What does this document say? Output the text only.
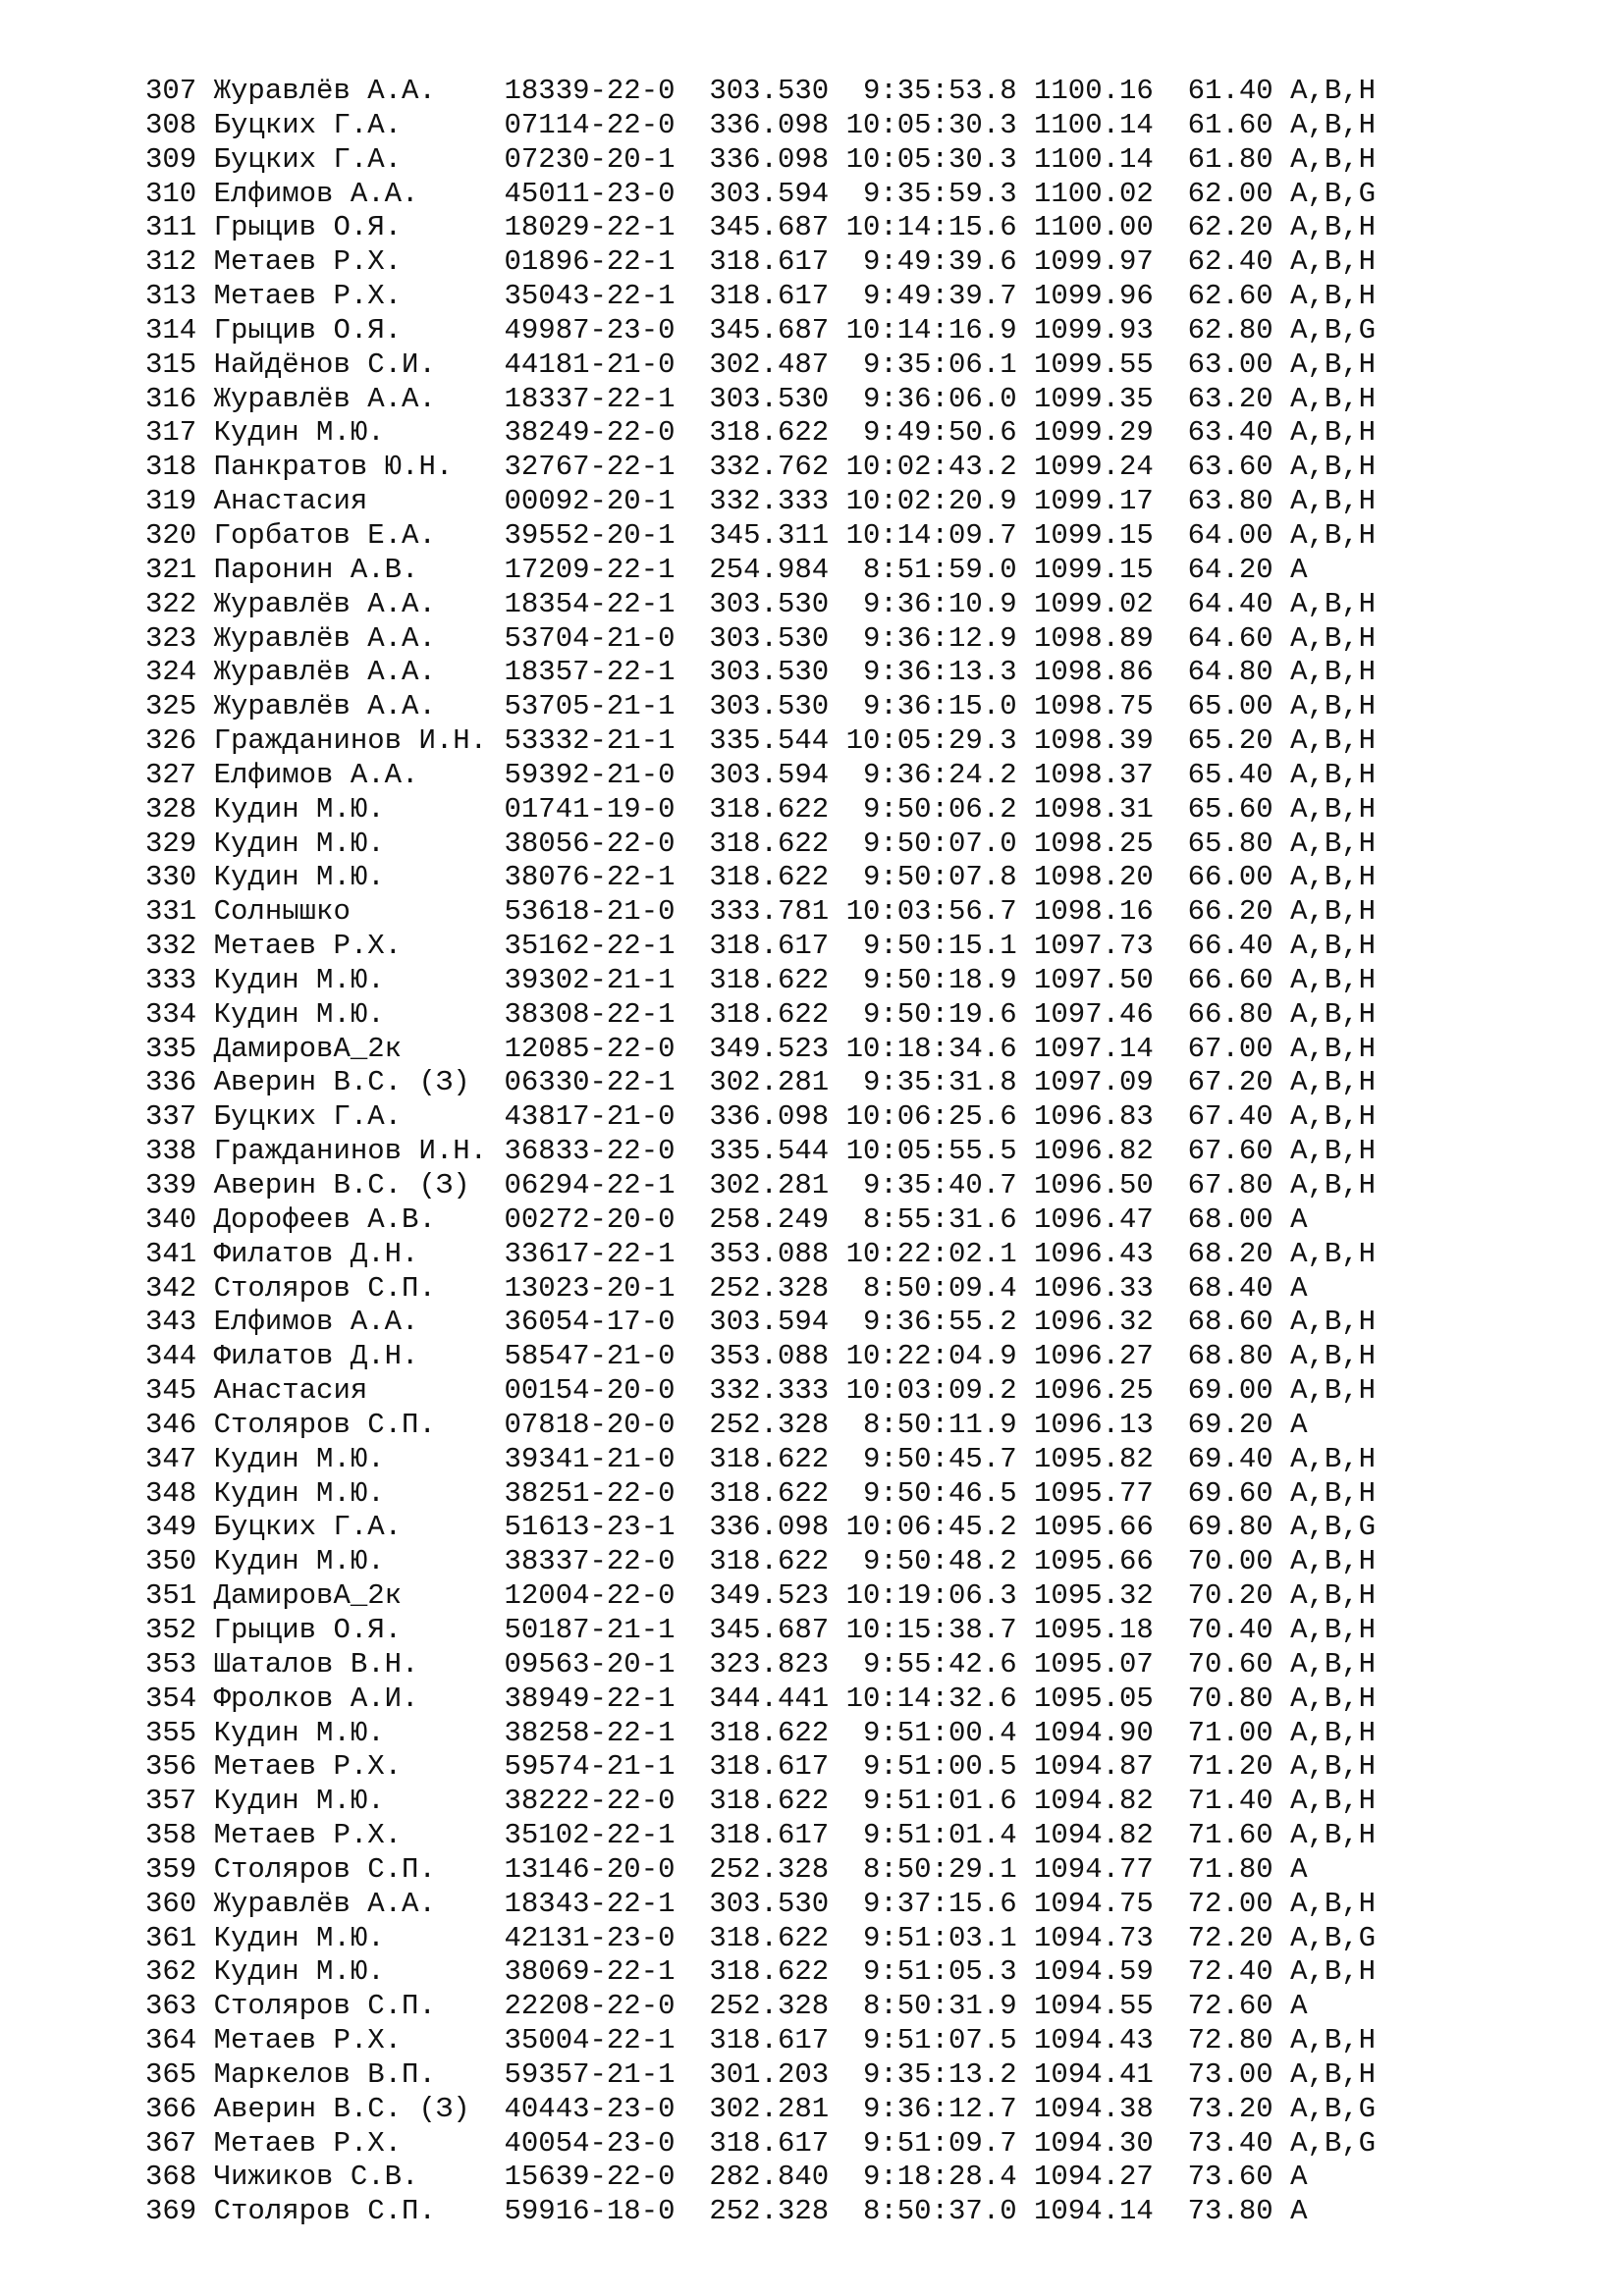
307 Журавлёв А.А.    18339-22-0 303.530  9:35:53.8 1100.16 61.40 A,B,H
308 Буцких Г.А.      07114-22-0 336.098 10:05:30.3 1100.14 61.60 A,B,H
309 Буцких Г.А.      07230-20-1 336.098 10:05:30.3 1100.14 61.80 A,B,H
310 Елфимов А.А.     45011-23-0 303.594  9:35:59.3 1100.02 62.00 A,B,G
311 Грыцив О.Я.      18029-22-1 345.687 10:14:15.6 1100.00 62.20 A,B,H
312 Метаев Р.Х.      01896-22-1 318.617  9:49:39.6 1099.97 62.40 A,B,H
313 Метаев Р.Х.      35043-22-1 318.617  9:49:39.7 1099.96 62.60 A,B,H
314 Грыцив О.Я.      49987-23-0 345.687 10:14:16.9 1099.93 62.80 A,B,G
315 Найдёнов С.И.    44181-21-0 302.487  9:35:06.1 1099.55 63.00 A,B,H
316 Журавлёв А.А.    18337-22-1 303.530  9:36:06.0 1099.35 63.20 A,B,H
317 Кудин М.Ю.       38249-22-0 318.622  9:49:50.6 1099.29 63.40 A,B,H
318 Панкратов Ю.Н.   32767-22-1 332.762 10:02:43.2 1099.24 63.60 A,B,H
319 Анастасия        00092-20-1 332.333 10:02:20.9 1099.17 63.80 A,B,H
320 Горбатов Е.А.    39552-20-1 345.311 10:14:09.7 1099.15 64.00 A,B,H
321 Паронин А.В.     17209-22-1 254.984  8:51:59.0 1099.15 64.20 A
322 Журавлёв А.А.    18354-22-1 303.530  9:36:10.9 1099.02 64.40 A,B,H
323 Журавлёв А.А.    53704-21-0 303.530  9:36:12.9 1098.89 64.60 A,B,H
324 Журавлёв А.А.    18357-22-1 303.530  9:36:13.3 1098.86 64.80 A,B,H
325 Журавлёв А.А.    53705-21-1 303.530  9:36:15.0 1098.75 65.00 A,B,H
326 Гражданинов И.Н. 53332-21-1 335.544 10:05:29.3 1098.39 65.20 A,B,H
327 Елфимов А.А.     59392-21-0 303.594  9:36:24.2 1098.37 65.40 A,B,H
328 Кудин М.Ю.       01741-19-0 318.622  9:50:06.2 1098.31 65.60 A,B,H
329 Кудин М.Ю.       38056-22-0 318.622  9:50:07.0 1098.25 65.80 A,B,H
330 Кудин М.Ю.       38076-22-1 318.622  9:50:07.8 1098.20 66.00 A,B,H
331 Солнышко         53618-21-0 333.781 10:03:56.7 1098.16 66.20 A,B,H
332 Метаев Р.Х.      35162-22-1 318.617  9:50:15.1 1097.73 66.40 A,B,H
333 Кудин М.Ю.       39302-21-1 318.622  9:50:18.9 1097.50 66.60 A,B,H
334 Кудин М.Ю.       38308-22-1 318.622  9:50:19.6 1097.46 66.80 A,B,H
335 ДамировА_2к      12085-22-0 349.523 10:18:34.6 1097.14 67.00 A,B,H
336 Аверин В.С. (З)  06330-22-1 302.281  9:35:31.8 1097.09 67.20 A,B,H
337 Буцких Г.А.      43817-21-0 336.098 10:06:25.6 1096.83 67.40 A,B,H
338 Гражданинов И.Н. 36833-22-0 335.544 10:05:55.5 1096.82 67.60 A,B,H
339 Аверин В.С. (З)  06294-22-1 302.281  9:35:40.7 1096.50 67.80 A,B,H
340 Дорофеев А.В.    00272-20-0 258.249  8:55:31.6 1096.47 68.00 A
341 Филатов Д.Н.     33617-22-1 353.088 10:22:02.1 1096.43 68.20 A,B,H
342 Столяров С.П.    13023-20-1 252.328  8:50:09.4 1096.33 68.40 A
343 Елфимов А.А.     36054-17-0 303.594  9:36:55.2 1096.32 68.60 A,B,H
344 Филатов Д.Н.     58547-21-0 353.088 10:22:04.9 1096.27 68.80 A,B,H
345 Анастасия        00154-20-0 332.333 10:03:09.2 1096.25 69.00 A,B,H
346 Столяров С.П.    07818-20-0 252.328  8:50:11.9 1096.13 69.20 A
347 Кудин М.Ю.       39341-21-0 318.622  9:50:45.7 1095.82 69.40 A,B,H
348 Кудин М.Ю.       38251-22-0 318.622  9:50:46.5 1095.77 69.60 A,B,H
349 Буцких Г.А.      51613-23-1 336.098 10:06:45.2 1095.66 69.80 A,B,G
350 Кудин М.Ю.       38337-22-0 318.622  9:50:48.2 1095.66 70.00 A,B,H
351 ДамировА_2к      12004-22-0 349.523 10:19:06.3 1095.32 70.20 A,B,H
352 Грыцив О.Я.      50187-21-1 345.687 10:15:38.7 1095.18 70.40 A,B,H
353 Шаталов В.Н.     09563-20-1 323.823  9:55:42.6 1095.07 70.60 A,B,H
354 Фролков А.И.     38949-22-1 344.441 10:14:32.6 1095.05 70.80 A,B,H
355 Кудин М.Ю.       38258-22-1 318.622  9:51:00.4 1094.90 71.00 A,B,H
356 Метаев Р.Х.      59574-21-1 318.617  9:51:00.5 1094.87 71.20 A,B,H
357 Кудин М.Ю.       38222-22-0 318.622  9:51:01.6 1094.82 71.40 A,B,H
358 Метаев Р.Х.      35102-22-1 318.617  9:51:01.4 1094.82 71.60 A,B,H
359 Столяров С.П.    13146-20-0 252.328  8:50:29.1 1094.77 71.80 A
360 Журавлёв А.А.    18343-22-1 303.530  9:37:15.6 1094.75 72.00 A,B,H
361 Кудин М.Ю.       42131-23-0 318.622  9:51:03.1 1094.73 72.20 A,B,G
362 Кудин М.Ю.       38069-22-1 318.622  9:51:05.3 1094.59 72.40 A,B,H
363 Столяров С.П.    22208-22-0 252.328  8:50:31.9 1094.55 72.60 A
364 Метаев Р.Х.      35004-22-1 318.617  9:51:07.5 1094.43 72.80 A,B,H
365 Маркелов В.П.    59357-21-1 301.203  9:35:13.2 1094.41 73.00 A,B,H
366 Аверин В.С. (З)  40443-23-0 302.281  9:36:12.7 1094.38 73.20 A,B,G
367 Метаев Р.Х.      40054-23-0 318.617  9:51:09.7 1094.30 73.40 A,B,G
368 Чижиков С.В.     15639-22-0 282.840  9:18:28.4 1094.27 73.60 A
369 Столяров С.П.    59916-18-0 252.328  8:50:37.0 1094.14 73.80 A
